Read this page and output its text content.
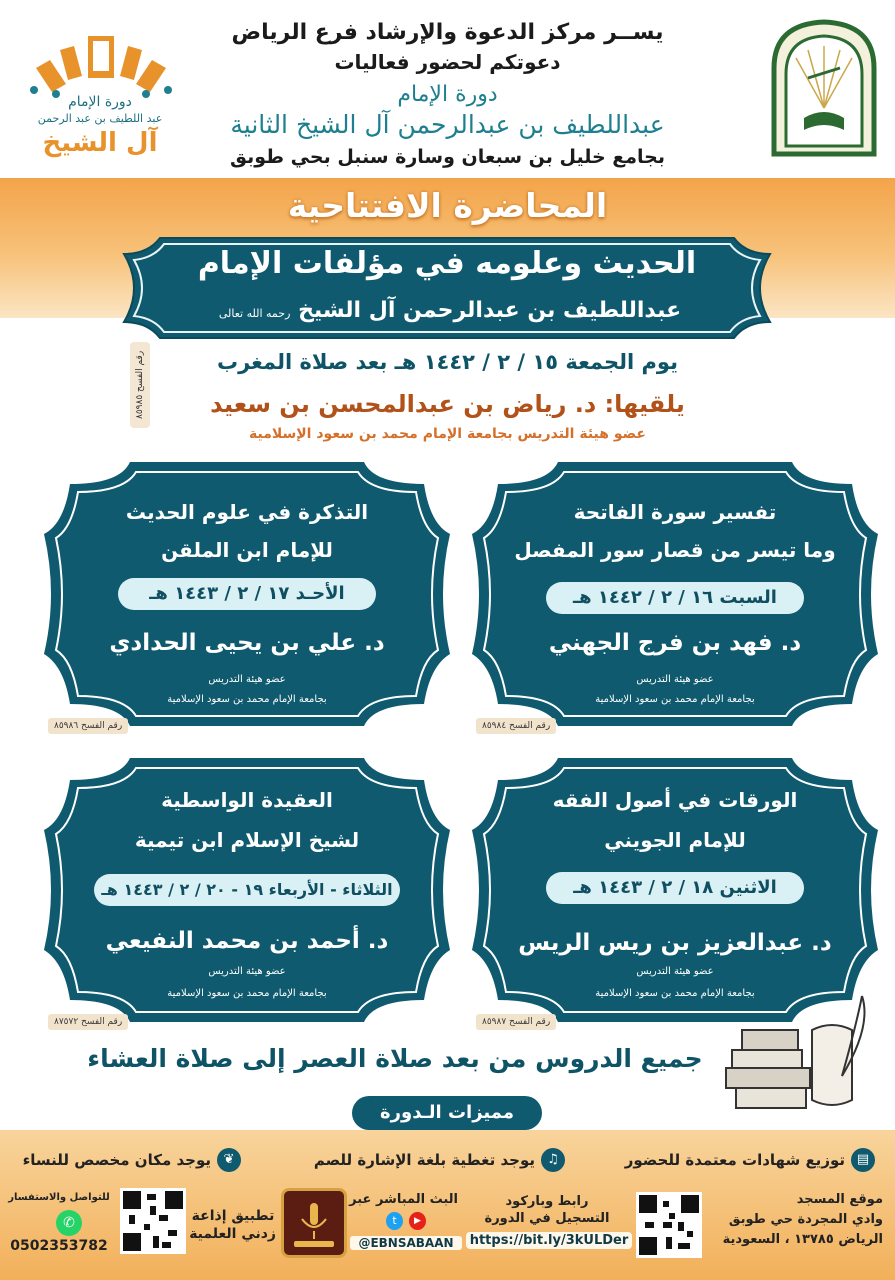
يســر مركز الدعوة والإرشاد فرع الرياض
دعوتكم لحضور فعاليات
دورة الإمام
عبداللطيف بن عبدالرحمن آل الشيخ الثانية
بجامع خليل بن سبعان وسارة سنبل بحي طوبق
دورة الإمام
عبد اللطيف بن عبد الرحمن
آل الشيخ
المحاضرة الافتتاحية
الحديث وعلومه في مؤلفات الإمام
عبداللطيف بن عبدالرحمن آل الشيخ رحمه الله تعالى
يوم الجمعة ١٥ / ٢ / ١٤٤٢ هـ بعد صلاة المغرب
يلقيها: د. رياض بن عبدالمحسن بن سعيد
عضو هيئة التدريس بجامعة الإمام محمد بن سعود الإسلامية
رقم الفسح ٨٥٩٨٥
تفسير سورة الفاتحة
وما تيسر من قصار سور المفصل
السبت ١٦ / ٢ / ١٤٤٢ هـ
د. فهد بن فرج الجهني
عضو هيئة التدريس
بجامعة الإمام محمد بن سعود الإسلامية
رقم الفسح ٨٥٩٨٤
التذكرة في علوم الحديث
للإمام ابن الملقن
الأحـد ١٧ / ٢ / ١٤٤٣ هـ
د. علي بن يحيى الحدادي
عضو هيئة التدريس
بجامعة الإمام محمد بن سعود الإسلامية
رقم الفسح ٨٥٩٨٦
الورقات في أصول الفقه
للإمام الجويني
الاثنين ١٨ / ٢ / ١٤٤٣ هـ
د. عبدالعزيز بن ريس الريس
عضو هيئة التدريس
بجامعة الإمام محمد بن سعود الإسلامية
رقم الفسح ٨٥٩٨٧
العقيدة الواسطية
لشيخ الإسلام ابن تيمية
الثلاثاء - الأربعاء ١٩ - ٢٠ / ٢ / ١٤٤٣ هـ
د. أحمد بن محمد النفيعي
عضو هيئة التدريس
بجامعة الإمام محمد بن سعود الإسلامية
رقم الفسح ٨٧٥٧٢
جميع الدروس من بعد صلاة العصر إلى صلاة العشاء
مميزات الـدورة
▤
توزيع شهادات معتمدة للحضور
♫
يوجد تغطية بلغة الإشارة للصم
❦
يوجد مكان مخصص للنساء
موقع المسجد
وادي المجردة حي طوبق
الرياض ١٣٧٨٥ ، السعودية
رابط وباركود
التسجيل في الدورة
https://bit.ly/3kULDer
البث المباشر عبر
t	▶
@EBNSABAAN
تطبيق إذاعة
زدني العلمية
للتواصل والاستفسار
✆
0502353782
